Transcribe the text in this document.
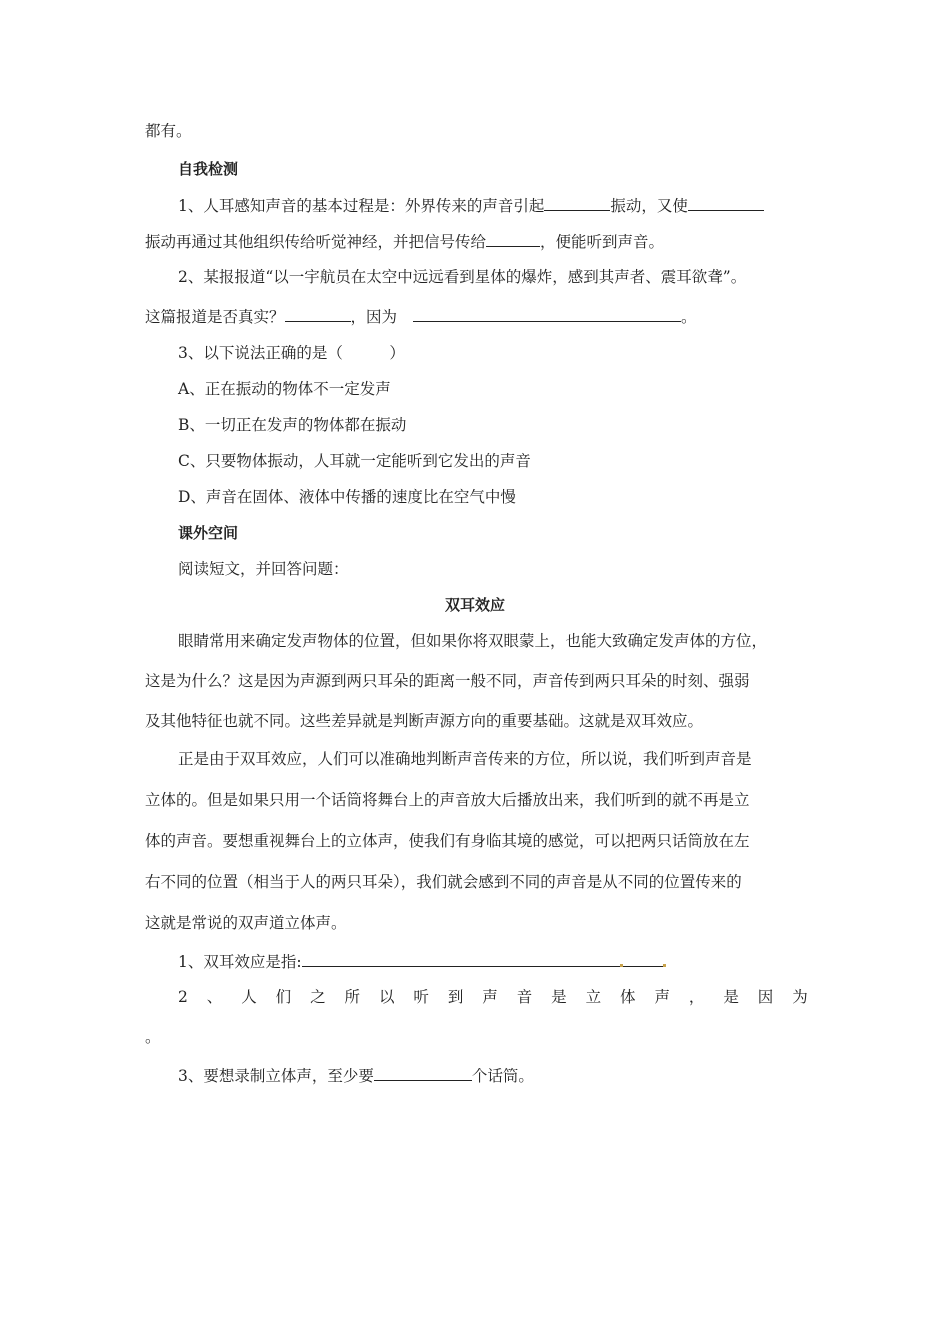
都有。
自我检测
1、人耳感知声音的基本过程是：外界传来的声音引起	振动，又使
振动再通过其他组织传给听觉神经，并把信号传给	，便能听到声音。
2、某报报道“以一宇航员在太空中远远看到星体的爆炸，感到其声者、震耳欲聋”。
这篇报道是否真实？	，因为	。
3、以下说法正确的是（　　　）
A、正在振动的物体不一定发声
B、一切正在发声的物体都在振动
C、只要物体振动，人耳就一定能听到它发出的声音
D、声音在固体、液体中传播的速度比在空气中慢
课外空间
阅读短文，并回答问题：
双耳效应
眼睛常用来确定发声物体的位置，但如果你将双眼蒙上，也能大致确定发声体的方位，
这是为什么？这是因为声源到两只耳朵的距离一般不同，声音传到两只耳朵的时刻、强弱
及其他特征也就不同。这些差异就是判断声源方向的重要基础。这就是双耳效应。
正是由于双耳效应，人们可以准确地判断声音传来的方位，所以说，我们听到声音是
立体的。但是如果只用一个话筒将舞台上的声音放大后播放出来，我们听到的就不再是立
体的声音。要想重视舞台上的立体声，使我们有身临其境的感觉，可以把两只话筒放在左
右不同的位置（相当于人的两只耳朵），我们就会感到不同的声音是从不同的位置传来的
这就是常说的双声道立体声。
1、双耳效应是指:
2 、 人 们 之 所 以 听 到 声 音 是 立 体 声 ， 是 因 为
。
3、要想录制立体声，至少要	个话筒。
